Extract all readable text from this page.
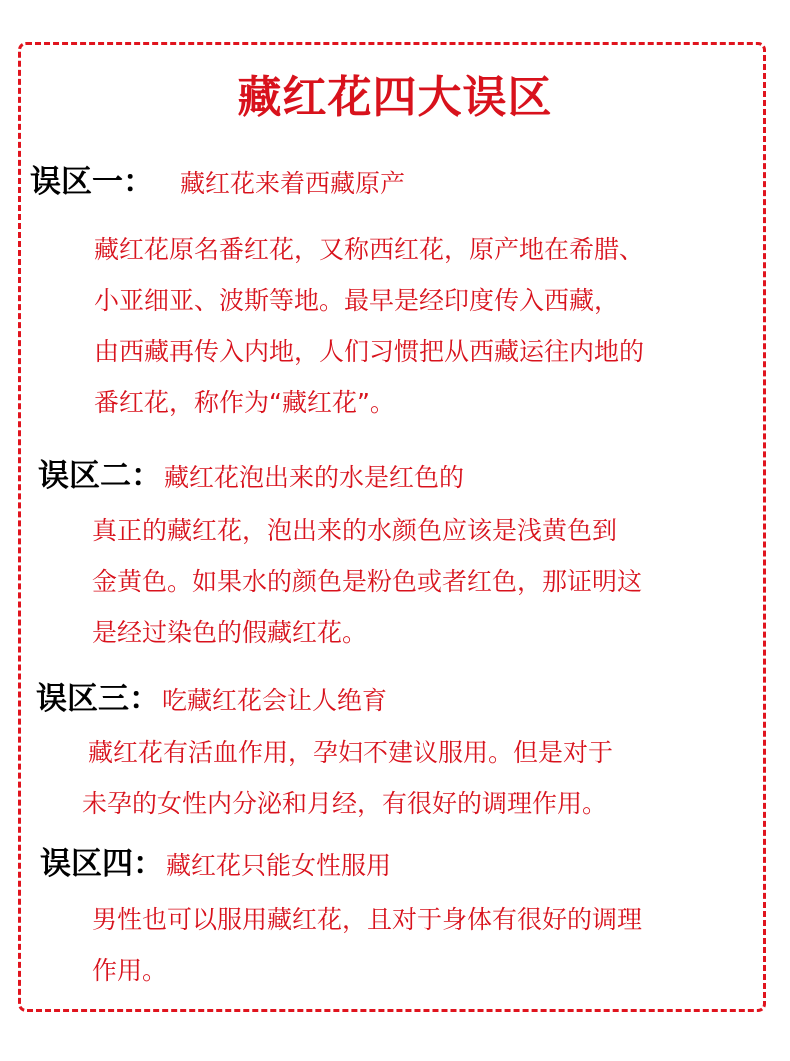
藏红花四大误区
误区一： 藏红花来着西藏原产
藏红花原名番红花，又称西红花，原产地在希腊、
小亚细亚、波斯等地。最早是经印度传入西藏，
由西藏再传入内地，人们习惯把从西藏运往内地的
番红花，称作为“藏红花”。
误区二： 藏红花泡出来的水是红色的
真正的藏红花，泡出来的水颜色应该是浅黄色到
金黄色。如果水的颜色是粉色或者红色，那证明这
是经过染色的假藏红花。
误区三： 吃藏红花会让人绝育
藏红花有活血作用，孕妇不建议服用。但是对于
未孕的女性内分泌和月经，有很好的调理作用。
误区四： 藏红花只能女性服用
男性也可以服用藏红花，且对于身体有很好的调理
作用。
